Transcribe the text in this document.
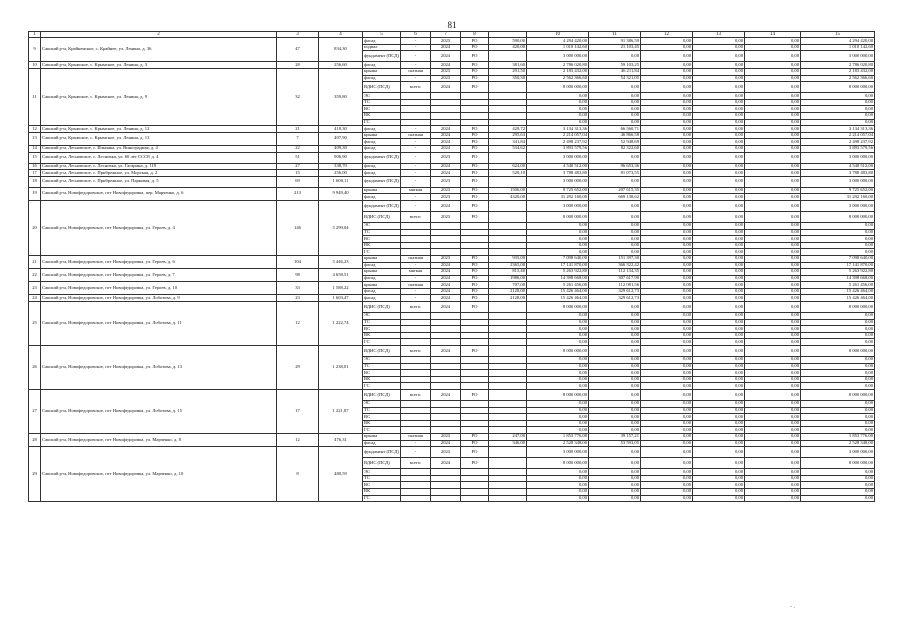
81
1	2	3	4	5	6	7	8		10	11	12	13	14	15
9	Сакский р-н, Крайненское, с. Крайнее, ул. Ленина, д. 36	47	834,30	фасад	-	2023	РО	590,00	4 294 420,00	91 386,59	0,00	0,00	0,00	4 294 420,00
				подвал	-	2024	РО	420,00	1 010 142,60	21 103,45	0,00	0,00	0,00	1 010 142,60
				фундамент (ПСД)	-	2024	РО		3 000 000,00	0,00	0,00	0,00	0,00	3 000 000,00
10	Сакский р-н, Крымское, с. Крымское, ул. Ленина, д. 3	28	256,60	фасад	-	2024	РО	381,60	2 786 020,80	59 103,25	0,00	0,00	0,00	2 786 020,80
11	Сакский р-н, Крымское, с. Крымское, ул. Ленина, д. 9	32	359,80	крыша	скатная	2023	РО	291,50	2 183 432,00	46 211,84	0,00	0,00	0,00	2 183 432,00
				фасад	-	2023	РО	350,30	2 562 366,60	54 321,05	0,00	0,00	0,00	2 562 366,60
				ВДИС (ПСД)	всего:	2024	РО		8 000 000,00	0,00	0,00	0,00	0,00	8 000 000,00
				ЭС					0,00	0,00	0,00	0,00	0,00	0,00
				ТС					0,00	0,00	0,00	0,00	0,00	0,00
				ВС					0,00	0,00	0,00	0,00	0,00	0,00
				ВК					0,00	0,00	0,00	0,00	0,00	0,00
				ГС					0,00	0,00	0,00	0,00	0,00	0,00
12	Сакский р-н, Крымское, с. Крымское, ул. Ленина, д. 12	21	418,30	фасад	-	2024	РО	429,72	3 134 313,36	66 560,71	0,00	0,00	0,00	3 134 313,36
13	Сакский р-н, Крымское, с. Крымское, ул. Ленина, д. 13	7	407,90	крыша	скатная	2024	РО	295,63	2 214 057,04	46 866,58	0,00	0,00	0,00	2 214 057,04
				фасад	-	2024	РО	341,84	2 498 237,92	52 948,69	0,00	0,00	0,00	2 498 237,92
14	Сакский р-н, Лесновское, с. Ильинка, ул. Виноградная, д. 4	22	409,30	фасад	-	2024	РО	534,62	3 893 579,56	82 322,60	0,00	0,00	0,00	3 893 579,56
15	Сакский р-н, Лесновское, с. Лесновка, ул. 60 лет СССР, д. 4	51	906,90	фундамент (ПСД)	-	2023	РО		3 000 000,00	0,00	0,00	0,00	0,00	3 000 000,00
16	Сакский р-н, Лесновское, с. Лесновка, ул. Гагарина, д. 119	27	338,70	фасад	-	2024	РО	624,00	4 540 512,00	96 653,36	0,00	0,00	0,00	4 540 512,00
17	Сакский р-н, Лесновское, с. Прибрежное, ул. Морская, д. 2	15	256,00	фасад	-	2024	РО	520,10	3 788 483,80	81 073,55	0,00	0,00	0,00	3 788 483,80
18	Сакский р-н, Лесновское, с. Прибрежное, ул. Парковая, д. 5	69	1 608,11	фундамент (ПСД)	-	2023	РО		3 000 000,00	0,00	0,00	0,00	0,00	3 000 000,00
19	Сакский р-н, Новофедоровское, пгт Новофедоровка, пер. Марченко, д. 6	213	9 949,40	крыша	мягкая	2023	РО	1506,00	9 725 652,00	207 615,35	0,00	0,00	0,00	9 725 652,00
				фасад	-	2023	РО	4320,00	31 292 160,00	669 138,62	0,00	0,00	0,00	31 292 160,00
20	Сакский р-н, Новофедоровское, пгт Новофедоровка, ул. Героев, д. 4	146	5 299,04	фундамент (ПСД)	-	2024	РО		3 000 000,00	0,00	0,00	0,00	0,00	3 000 000,00
				ВДИС (ПСД)	всего:	2023	РО		8 000 000,00	0,00	0,00	0,00	0,00	8 000 000,00
				ЭС					0,00	0,00	0,00	0,00	0,00	0,00
				ТС					0,00	0,00	0,00	0,00	0,00	0,00
				ВС					0,00	0,00	0,00	0,00	0,00	0,00
				ВК					0,00	0,00	0,00	0,00	0,00	0,00
				ГС					0,00	0,00	0,00	0,00	0,00	0,00
21	Сакский р-н, Новофедоровское, пгт Новофедоровка, ул. Героев, д. 6	104	5 446,23	крыша	скатная	2023	РО	935,00	7 098 640,00	151 397,30	0,00	0,00	0,00	7 098 640,00
				фасад	-	2024	РО	2365,00	17 141 870,00	366 322,42	0,00	0,00	0,00	17 141 870,00
22	Сакский р-н, Новофедоровское, пгт Новофедоровка, ул. Героев, д. 7	98	4 658,51	крыша	мягкая	2024	РО	815,40	5 263 922,80	112 134,35	0,00	0,00	0,00	5 263 922,80
				фасад	-	2024	РО	1986,00	14 398 668,00	307 617,90	0,00	0,00	0,00	14 398 668,00
23	Сакский р-н, Новофедоровское, пгт Новофедоровка, ул. Героев, д. 10	33	1 588,22	крыша	скатная	2024	РО	707,00	5 261 456,00	112 081,56	0,00	0,00	0,00	5 261 456,00
				фасад	-	2024	РО	2128,00	15 426 464,00	329 612,73	0,00	0,00	0,00	15 426 464,00
24	Сакский р-н, Новофедоровское, пгт Новофедоровка, ул. Лобозова, д. 9	23	1 603,47	фасад	-	2024	РО	2128,00	15 426 464,00	329 612,73	0,00	0,00	0,00	15 426 464,00
25	Сакский р-н, Новофедоровское, пгт Новофедоровка, ул. Лобозова, д. 11	12	1 222,74	ВДИС (ПСД)	всего:	2024	РО		8 000 000,00	0,00	0,00	0,00	0,00	8 000 000,00
				ЭС					0,00	0,00	0,00	0,00	0,00	0,00
				ТС					0,00	0,00	0,00	0,00	0,00	0,00
				ВС					0,00	0,00	0,00	0,00	0,00	0,00
				ВК					0,00	0,00	0,00	0,00	0,00	0,00
				ГС					0,00	0,00	0,00	0,00	0,00	0,00
26	Сакский р-н, Новофедоровское, пгт Новофедоровка, ул. Лобозова, д. 13	29	1 238,01	ВДИС (ПСД)	всего:	2024	РО		8 000 000,00	0,00	0,00	0,00	0,00	8 000 000,00
				ЭС					0,00	0,00	0,00	0,00	0,00	0,00
				ТС					0,00	0,00	0,00	0,00	0,00	0,00
				ВС					0,00	0,00	0,00	0,00	0,00	0,00
				ВК					0,00	0,00	0,00	0,00	0,00	0,00
				ГС					0,00	0,00	0,00	0,00	0,00	0,00
27	Сакский р-н, Новофедоровское, пгт Новофедоровка, ул. Лобозова, д. 15	17	1 221,87	ВДИС (ПСД)	всего:	2024	РО		8 000 000,00	0,00	0,00	0,00	0,00	8 000 000,00
				ЭС					0,00	0,00	0,00	0,00	0,00	0,00
				ТС					0,00	0,00	0,00	0,00	0,00	0,00
				ВС					0,00	0,00	0,00	0,00	0,00	0,00
				ВК					0,00	0,00	0,00	0,00	0,00	0,00
				ГС					0,00	0,00	0,00	0,00	0,00	0,00
28	Сакский р-н, Новофедоровское, пгт Новофедоровка, ул. Марченко, д. 8	12	476,31	крыша	скатная	2023	РО	247,00	1 853 776,00	39 157,21	0,00	0,00	0,00	1 853 776,00
				фасад	-	2024	РО	346,00	2 528 348,00	53 593,05	0,00	0,00	0,00	2 528 348,00
29	Сакский р-н, Новофедоровское, пгт Новофедоровка, ул. Марченко, д. 10	8	480,59	фундамент (ПСД)	-	2023	РО		3 000 000,00	0,00	0,00	0,00	0,00	3 000 000,00
				ВДИС (ПСД)	всего:	2024	РО		8 000 000,00	0,00	0,00	0,00	0,00	8 000 000,00
				ЭС					0,00	0,00	0,00	0,00	0,00	0,00
				ТС					0,00	0,00	0,00	0,00	0,00	0,00
				ВС					0,00	0,00	0,00	0,00	0,00	0,00
				ВК					0,00	0,00	0,00	0,00	0,00	0,00
				ГС					0,00	0,00	0,00	0,00	0,00	0,00
- .
